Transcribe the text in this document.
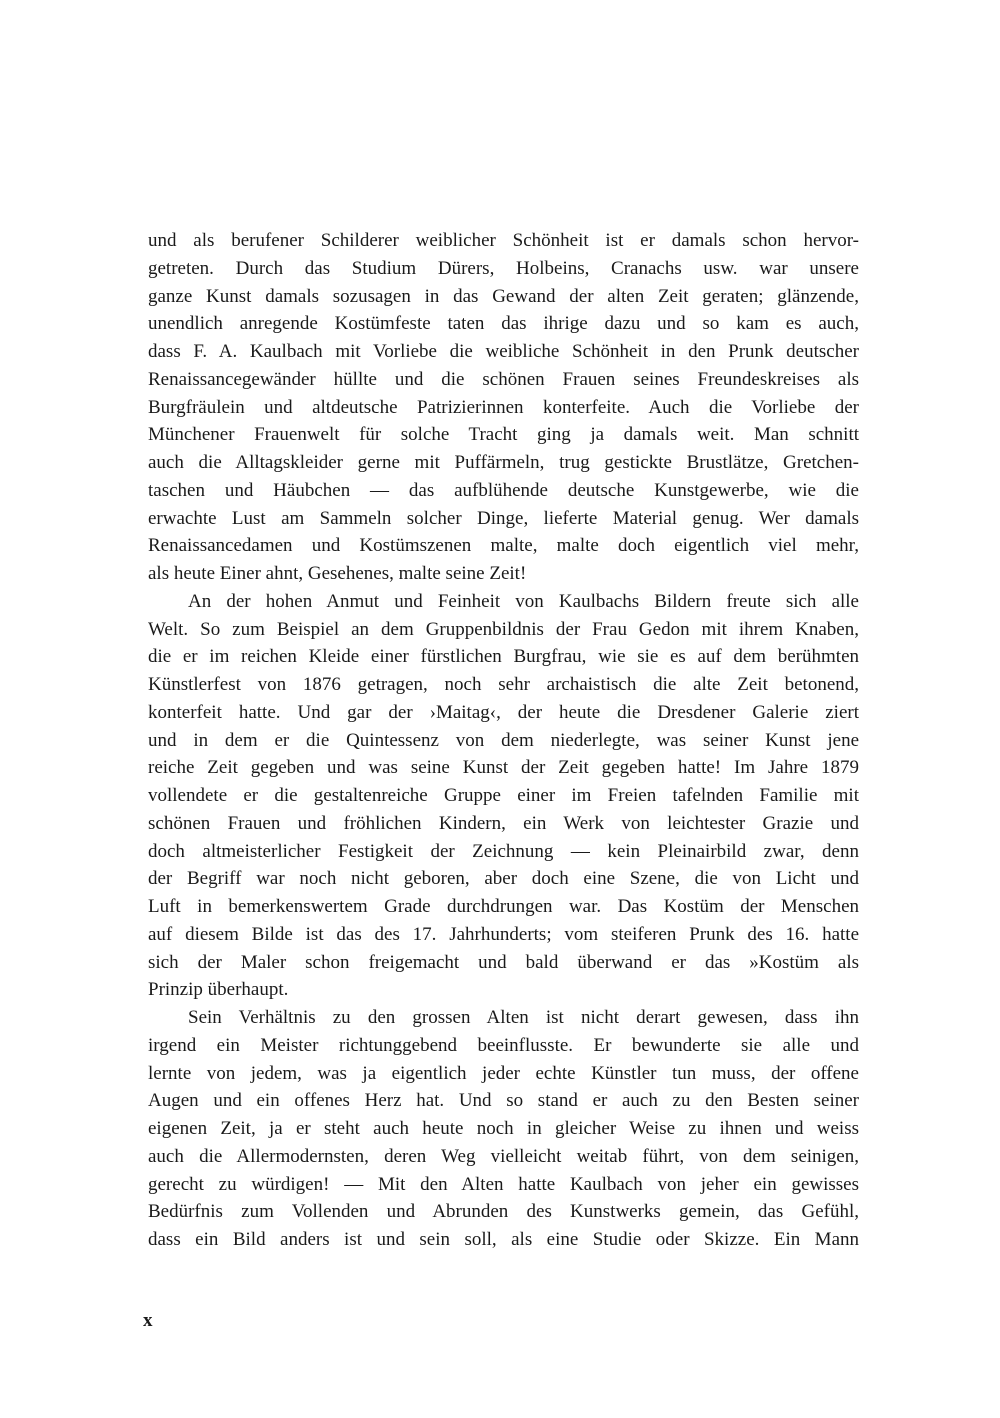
und als berufener Schilderer weiblicher Schönheit ist er damals schon hervor-
getreten. Durch das Studium Dürers, Holbeins, Cranachs usw. war unsere
ganze Kunst damals sozusagen in das Gewand der alten Zeit geraten; glänzende,
unendlich anregende Kostümfeste taten das ihrige dazu und so kam es auch,
dass F. A. Kaulbach mit Vorliebe die weibliche Schönheit in den Prunk deutscher
Renaissancegewänder hüllte und die schönen Frauen seines Freundeskreises als
Burgfräulein und altdeutsche Patrizierinnen konterfeite. Auch die Vorliebe der
Münchener Frauenwelt für solche Tracht ging ja damals weit. Man schnitt
auch die Alltagskleider gerne mit Puffärmeln, trug gestickte Brustlätze, Gretchen-
taschen und Häubchen — das aufblühende deutsche Kunstgewerbe, wie die
erwachte Lust am Sammeln solcher Dinge, lieferte Material genug. Wer damals
Renaissancedamen und Kostümszenen malte, malte doch eigentlich viel mehr,
als heute Einer ahnt, Gesehenes, malte seine Zeit!
An der hohen Anmut und Feinheit von Kaulbachs Bildern freute sich alle
Welt. So zum Beispiel an dem Gruppenbildnis der Frau Gedon mit ihrem Knaben,
die er im reichen Kleide einer fürstlichen Burgfrau, wie sie es auf dem berühmten
Künstlerfest von 1876 getragen, noch sehr archaistisch die alte Zeit betonend,
konterfeit hatte. Und gar der ›Maitag‹, der heute die Dresdener Galerie ziert
und in dem er die Quintessenz von dem niederlegte, was seiner Kunst jene
reiche Zeit gegeben und was seine Kunst der Zeit gegeben hatte! Im Jahre 1879
vollendete er die gestaltenreiche Gruppe einer im Freien tafelnden Familie mit
schönen Frauen und fröhlichen Kindern, ein Werk von leichtester Grazie und
doch altmeisterlicher Festigkeit der Zeichnung — kein Pleinairbild zwar, denn
der Begriff war noch nicht geboren, aber doch eine Szene, die von Licht und
Luft in bemerkenswertem Grade durchdrungen war. Das Kostüm der Menschen
auf diesem Bilde ist das des 17. Jahrhunderts; vom steiferen Prunk des 16. hatte
sich der Maler schon freigemacht und bald überwand er das »Kostüm als
Prinzip überhaupt.
Sein Verhältnis zu den grossen Alten ist nicht derart gewesen, dass ihn
irgend ein Meister richtunggebend beeinflusste. Er bewunderte sie alle und
lernte von jedem, was ja eigentlich jeder echte Künstler tun muss, der offene
Augen und ein offenes Herz hat. Und so stand er auch zu den Besten seiner
eigenen Zeit, ja er steht auch heute noch in gleicher Weise zu ihnen und weiss
auch die Allermodernsten, deren Weg vielleicht weitab führt, von dem seinigen,
gerecht zu würdigen! — Mit den Alten hatte Kaulbach von jeher ein gewisses
Bedürfnis zum Vollenden und Abrunden des Kunstwerks gemein, das Gefühl,
dass ein Bild anders ist und sein soll, als eine Studie oder Skizze. Ein Mann
x
